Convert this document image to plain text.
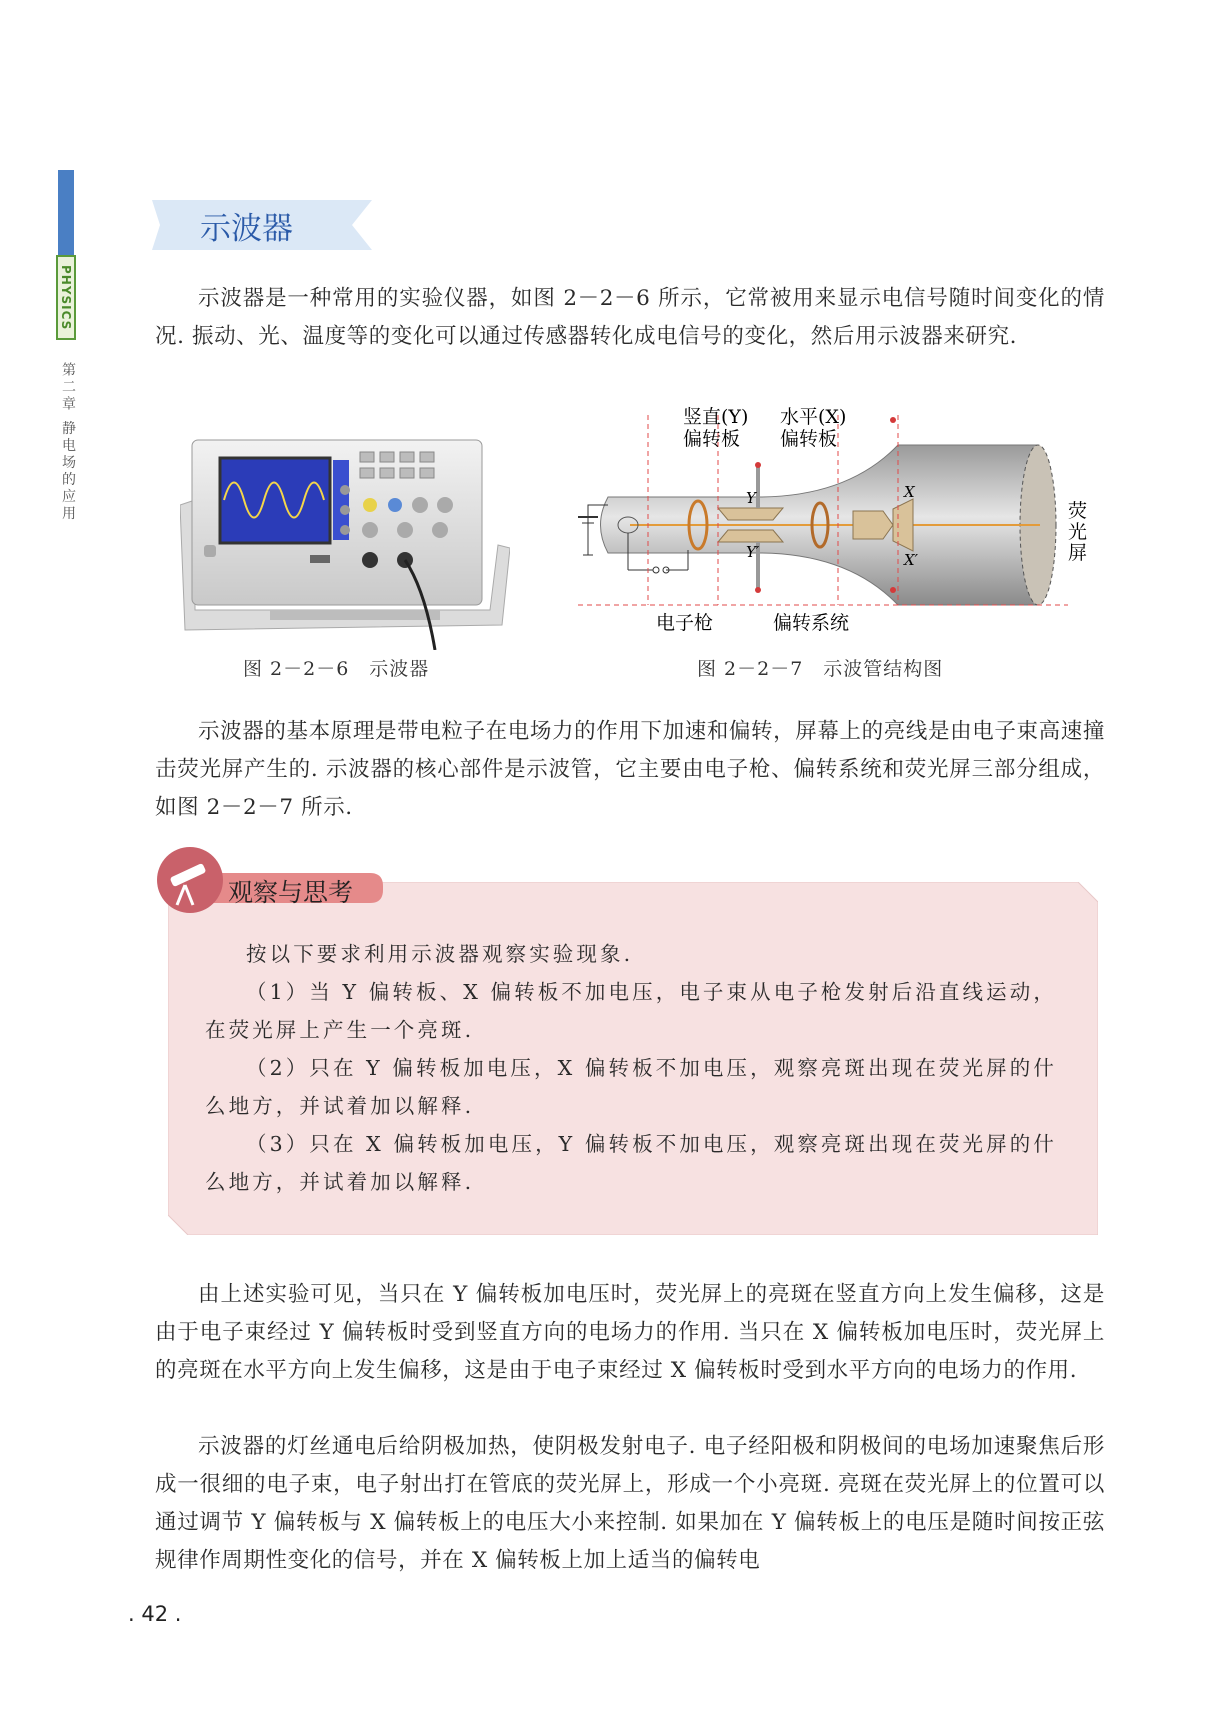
PHYSICS
第二章 静电场的应用
示波器
示波器是一种常用的实验仪器，如图 2－2－6 所示，它常被用来显示电信号随时间变化的情况. 振动、光、温度等的变化可以通过传感器转化成电信号的变化，然后用示波器来研究.
图 2－2－6　示波器
竖直(Y)
偏转板
水平(X)
偏转板
荧
光
屏
电子枪	偏转系统
Y
Y′
X
X′
图 2－2－7　示波管结构图
示波器的基本原理是带电粒子在电场力的作用下加速和偏转，屏幕上的亮线是由电子束高速撞击荧光屏产生的. 示波器的核心部件是示波管，它主要由电子枪、偏转系统和荧光屏三部分组成，如图 2－2－7 所示.
观察与思考
按以下要求利用示波器观察实验现象.
（1）当 Y 偏转板、X 偏转板不加电压，电子束从电子枪发射后沿直线运动，在荧光屏上产生一个亮斑.
（2）只在 Y 偏转板加电压，X 偏转板不加电压，观察亮斑出现在荧光屏的什么地方，并试着加以解释.
（3）只在 X 偏转板加电压，Y 偏转板不加电压，观察亮斑出现在荧光屏的什么地方，并试着加以解释.
由上述实验可见，当只在 Y 偏转板加电压时，荧光屏上的亮斑在竖直方向上发生偏移，这是由于电子束经过 Y 偏转板时受到竖直方向的电场力的作用. 当只在 X 偏转板加电压时，荧光屏上的亮斑在水平方向上发生偏移，这是由于电子束经过 X 偏转板时受到水平方向的电场力的作用.
示波器的灯丝通电后给阴极加热，使阴极发射电子. 电子经阳极和阴极间的电场加速聚焦后形成一很细的电子束，电子射出打在管底的荧光屏上，形成一个小亮斑. 亮斑在荧光屏上的位置可以通过调节 Y 偏转板与 X 偏转板上的电压大小来控制. 如果加在 Y 偏转板上的电压是随时间按正弦规律作周期性变化的信号，并在 X 偏转板上加上适当的偏转电
. 42 .
